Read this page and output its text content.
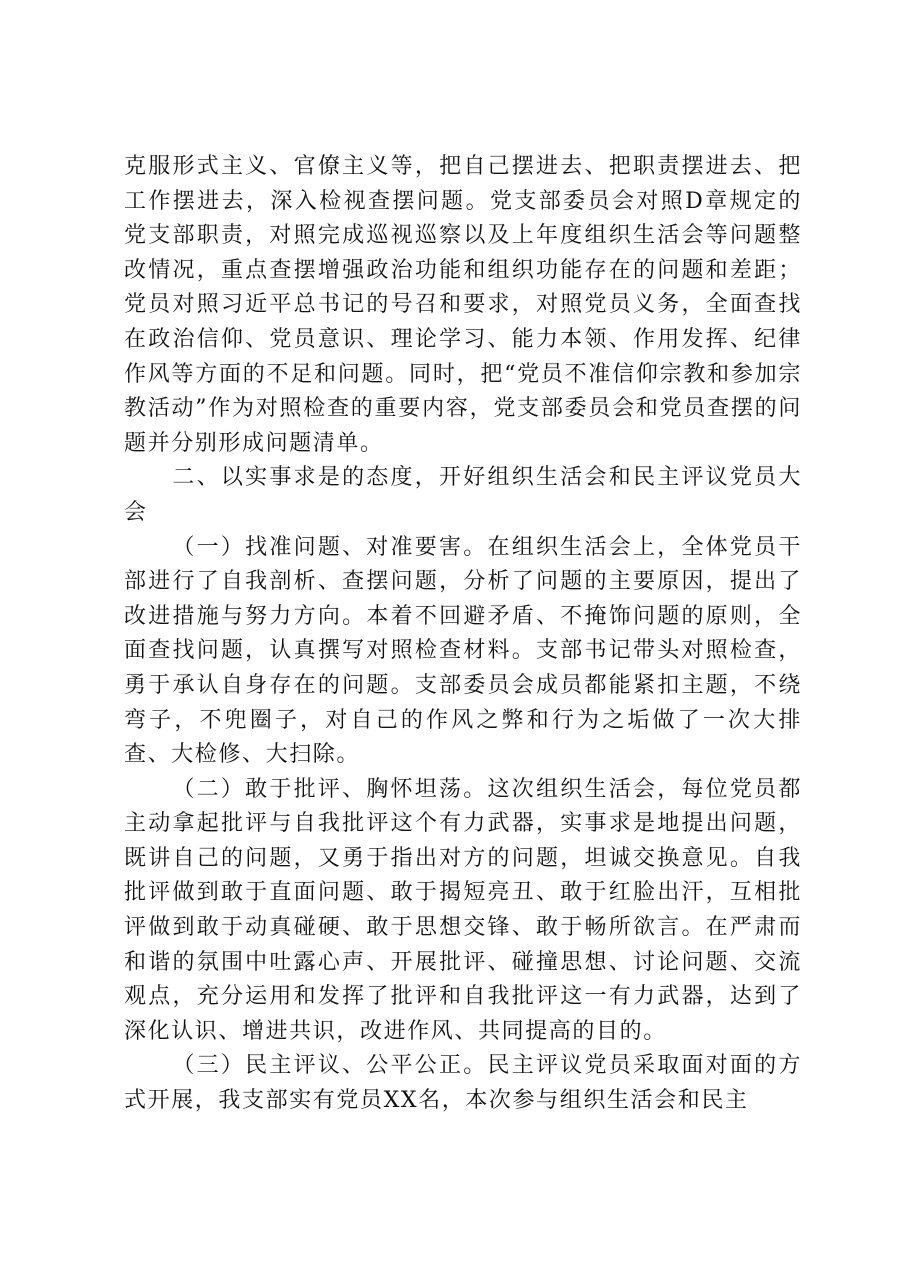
克服形式主义、官僚主义等，把自己摆进去、把职责摆进去、把工作摆进去，深入检视查摆问题。党支部委员会对照D章规定的党支部职责，对照完成巡视巡察以及上年度组织生活会等问题整改情况，重点查摆增强政治功能和组织功能存在的问题和差距；党员对照习近平总书记的号召和要求，对照党员义务，全面查找在政治信仰、党员意识、理论学习、能力本领、作用发挥、纪律作风等方面的不足和问题。同时，把“党员不准信仰宗教和参加宗教活动”作为对照检查的重要内容，党支部委员会和党员查摆的问题并分别形成问题清单。

二、以实事求是的态度，开好组织生活会和民主评议党员大会

（一）找准问题、对准要害。在组织生活会上，全体党员干部进行了自我剖析、查摆问题，分析了问题的主要原因，提出了改进措施与努力方向。本着不回避矛盾、不掩饰问题的原则，全面查找问题，认真撰写对照检查材料。支部书记带头对照检查，勇于承认自身存在的问题。支部委员会成员都能紧扣主题，不绕弯子，不兜圈子，对自己的作风之弊和行为之垢做了一次大排查、大检修、大扫除。

（二）敢于批评、胸怀坦荡。这次组织生活会，每位党员都主动拿起批评与自我批评这个有力武器，实事求是地提出问题，既讲自己的问题，又勇于指出对方的问题，坦诚交换意见。自我批评做到敢于直面问题、敢于揭短亮丑、敢于红脸出汗，互相批评做到敢于动真碰硬、敢于思想交锋、敢于畅所欲言。在严肃而和谐的氛围中吐露心声、开展批评、碰撞思想、讨论问题、交流观点，充分运用和发挥了批评和自我批评这一有力武器，达到了深化认识、增进共识，改进作风、共同提高的目的。

（三）民主评议、公平公正。民主评议党员采取面对面的方式开展，我支部实有党员XX名，本次参与组织生活会和民主
